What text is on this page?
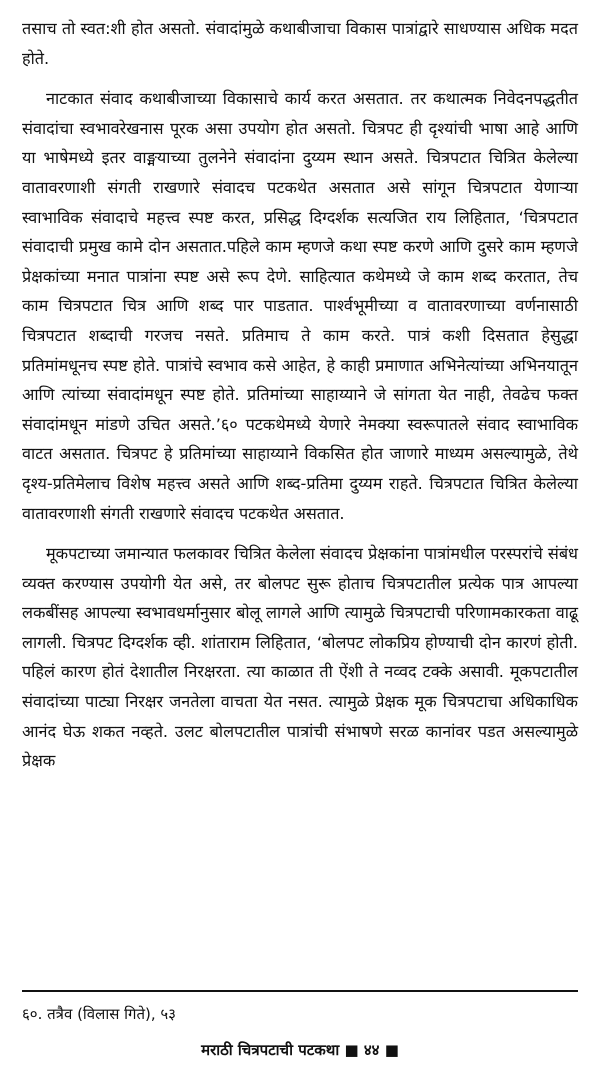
तसाच तो स्वत:शी होत असतो. संवादांमुळे कथाबीजाचा विकास पात्रांद्वारे साधण्यास अधिक मदत होते.

नाटकात संवाद कथाबीजाच्या विकासाचे कार्य करत असतात. तर कथात्मक निवेदनपद्धतीत संवादांचा स्वभावरेखनास पूरक असा उपयोग होत असतो. चित्रपट ही दृश्यांची भाषा आहे आणि या भाषेमध्ये इतर वाङ्मयाच्या तुलनेने संवादांना दुय्यम स्थान असते. चित्रपटात चित्रित केलेल्या वातावरणाशी संगती राखणारे संवादच पटकथेत असतात असे सांगून चित्रपटात येणाऱ्या स्वाभाविक संवादाचे महत्त्व स्पष्ट करत, प्रसिद्ध दिग्दर्शक सत्यजित राय लिहितात, ‘चित्रपटात संवादाची प्रमुख कामे दोन असतात.पहिले काम म्हणजे कथा स्पष्ट करणे आणि दुसरे काम म्हणजे प्रेक्षकांच्या मनात पात्रांना स्पष्ट असे रूप देणे. साहित्यात कथेमध्ये जे काम शब्द करतात, तेच काम चित्रपटात चित्र आणि शब्द पार पाडतात. पार्श्वभूमीच्या व वातावरणाच्या वर्णनासाठी चित्रपटात शब्दाची गरजच नसते. प्रतिमाच ते काम करते. पात्रं कशी दिसतात हेसुद्धा प्रतिमांमधूनच स्पष्ट होते. पात्रांचे स्वभाव कसे आहेत, हे काही प्रमाणात अभिनेत्यांच्या अभिनयातून आणि त्यांच्या संवादांमधून स्पष्ट होते. प्रतिमांच्या साहाय्याने जे सांगता येत नाही, तेवढेच फक्त संवादांमधून मांडणे उचित असते.’६० पटकथेमध्ये येणारे नेमक्या स्वरूपातले संवाद स्वाभाविक वाटत असतात. चित्रपट हे प्रतिमांच्या साहाय्याने विकसित होत जाणारे माध्यम असल्यामुळे, तेथे दृश्य-प्रतिमेलाच विशेष महत्त्व असते आणि शब्द-प्रतिमा दुय्यम राहते. चित्रपटात चित्रित केलेल्या वातावरणाशी संगती राखणारे संवादच पटकथेत असतात.

मूकपटाच्या जमान्यात फलकावर चित्रित केलेला संवादच प्रेक्षकांना पात्रांमधील परस्परांचे संबंध व्यक्त करण्यास उपयोगी येत असे, तर बोलपट सुरू होताच चित्रपटातील प्रत्येक पात्र आपल्या लकबींसह आपल्या स्वभावधर्मानुसार बोलू लागले आणि त्यामुळे चित्रपटाची परिणामकारकता वाढू लागली. चित्रपट दिग्दर्शक व्ही. शांताराम लिहितात, ‘बोलपट लोकप्रिय होण्याची दोन कारणं होती. पहिलं कारण होतं देशातील निरक्षरता. त्या काळात ती ऐंशी ते नव्वद टक्के असावी. मूकपटातील संवादांच्या पाट्या निरक्षर जनतेला वाचता येत नसत. त्यामुळे प्रेक्षक मूक चित्रपटाचा अधिकाधिक आनंद घेऊ शकत नव्हते. उलट बोलपटातील पात्रांची संभाषणे सरळ कानांवर पडत असल्यामुळे प्रेक्षक

६०. तत्रैव (विलास गिते), ५३
मराठी चित्रपटाची पटकथा ■ ४४ ■
